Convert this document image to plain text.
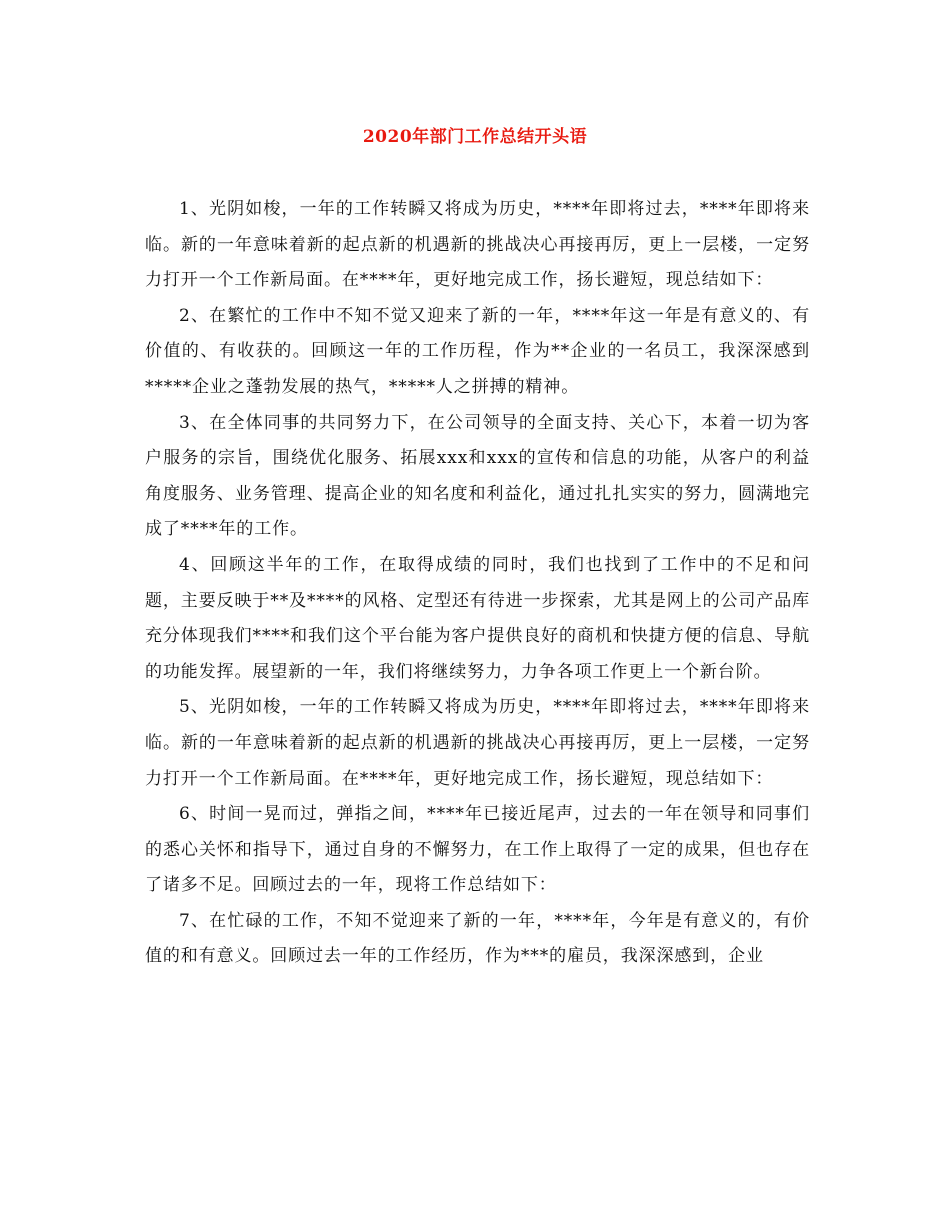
2020年部门工作总结开头语

1、光阴如梭，一年的工作转瞬又将成为历史，****年即将过去，****年即将来临。新的一年意味着新的起点新的机遇新的挑战决心再接再厉，更上一层楼，一定努力打开一个工作新局面。在****年，更好地完成工作，扬长避短，现总结如下：

2、在繁忙的工作中不知不觉又迎来了新的一年，****年这一年是有意义的、有价值的、有收获的。回顾这一年的工作历程，作为**企业的一名员工，我深深感到*****企业之蓬勃发展的热气，*****人之拼搏的精神。

3、在全体同事的共同努力下，在公司领导的全面支持、关心下，本着一切为客户服务的宗旨，围绕优化服务、拓展xxx和xxx的宣传和信息的功能，从客户的利益角度服务、业务管理、提高企业的知名度和利益化，通过扎扎实实的努力，圆满地完成了****年的工作。

4、回顾这半年的工作，在取得成绩的同时，我们也找到了工作中的不足和问题，主要反映于**及****的风格、定型还有待进一步探索，尤其是网上的公司产品库充分体现我们****和我们这个平台能为客户提供良好的商机和快捷方便的信息、导航的功能发挥。展望新的一年，我们将继续努力，力争各项工作更上一个新台阶。

5、光阴如梭，一年的工作转瞬又将成为历史，****年即将过去，****年即将来临。新的一年意味着新的起点新的机遇新的挑战决心再接再厉，更上一层楼，一定努力打开一个工作新局面。在****年，更好地完成工作，扬长避短，现总结如下：

6、时间一晃而过，弹指之间，****年已接近尾声，过去的一年在领导和同事们的悉心关怀和指导下，通过自身的不懈努力，在工作上取得了一定的成果，但也存在了诸多不足。回顾过去的一年，现将工作总结如下：

7、在忙碌的工作，不知不觉迎来了新的一年，****年，今年是有意义的，有价值的和有意义。回顾过去一年的工作经历，作为***的雇员，我深深感到，企业
